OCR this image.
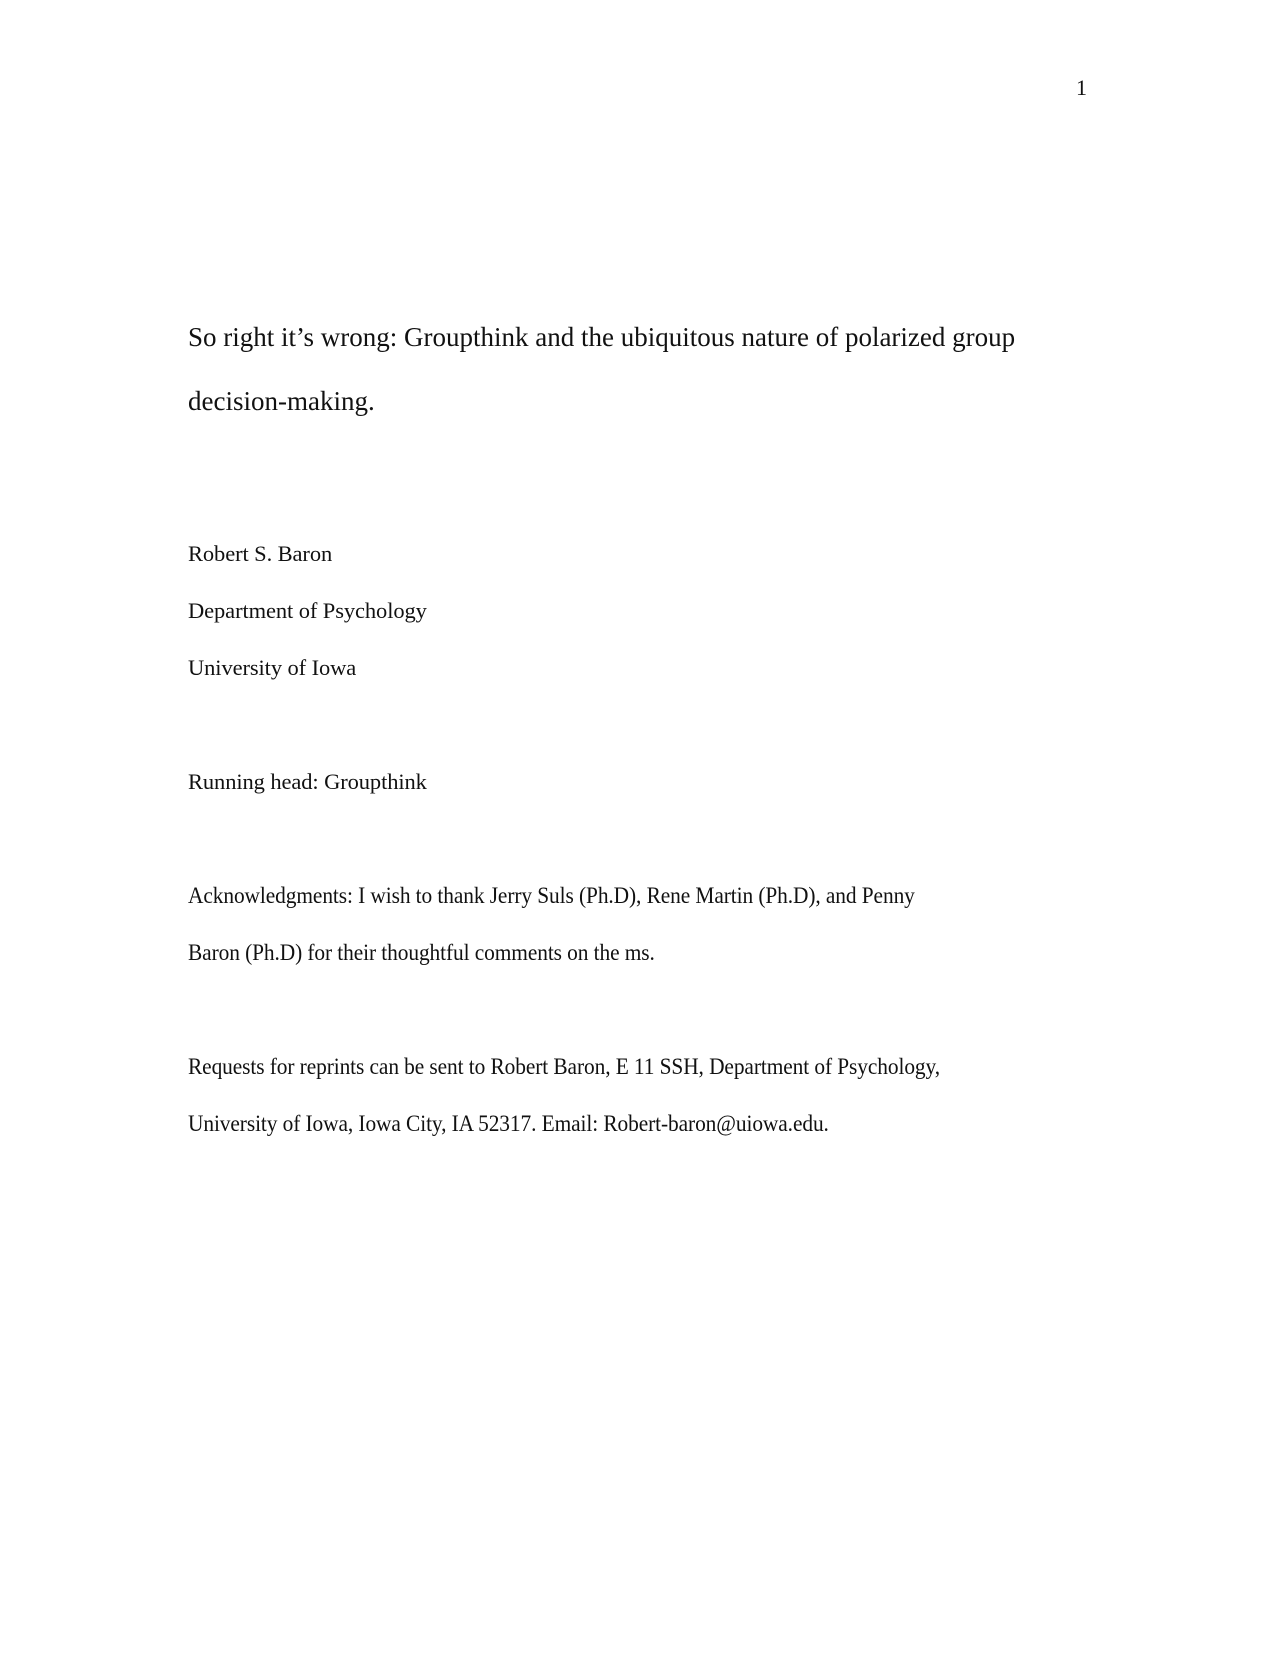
1
So right it’s wrong: Groupthink and the ubiquitous nature of polarized group
decision-making.
Robert S. Baron
Department of Psychology
University of Iowa
Running head: Groupthink
Acknowledgments: I wish to thank Jerry Suls (Ph.D), Rene Martin (Ph.D), and Penny
Baron (Ph.D) for their thoughtful comments on the ms.
Requests for reprints can be sent to Robert Baron, E 11 SSH, Department of Psychology,
University of Iowa, Iowa City, IA 52317. Email: Robert-baron@uiowa.edu.
